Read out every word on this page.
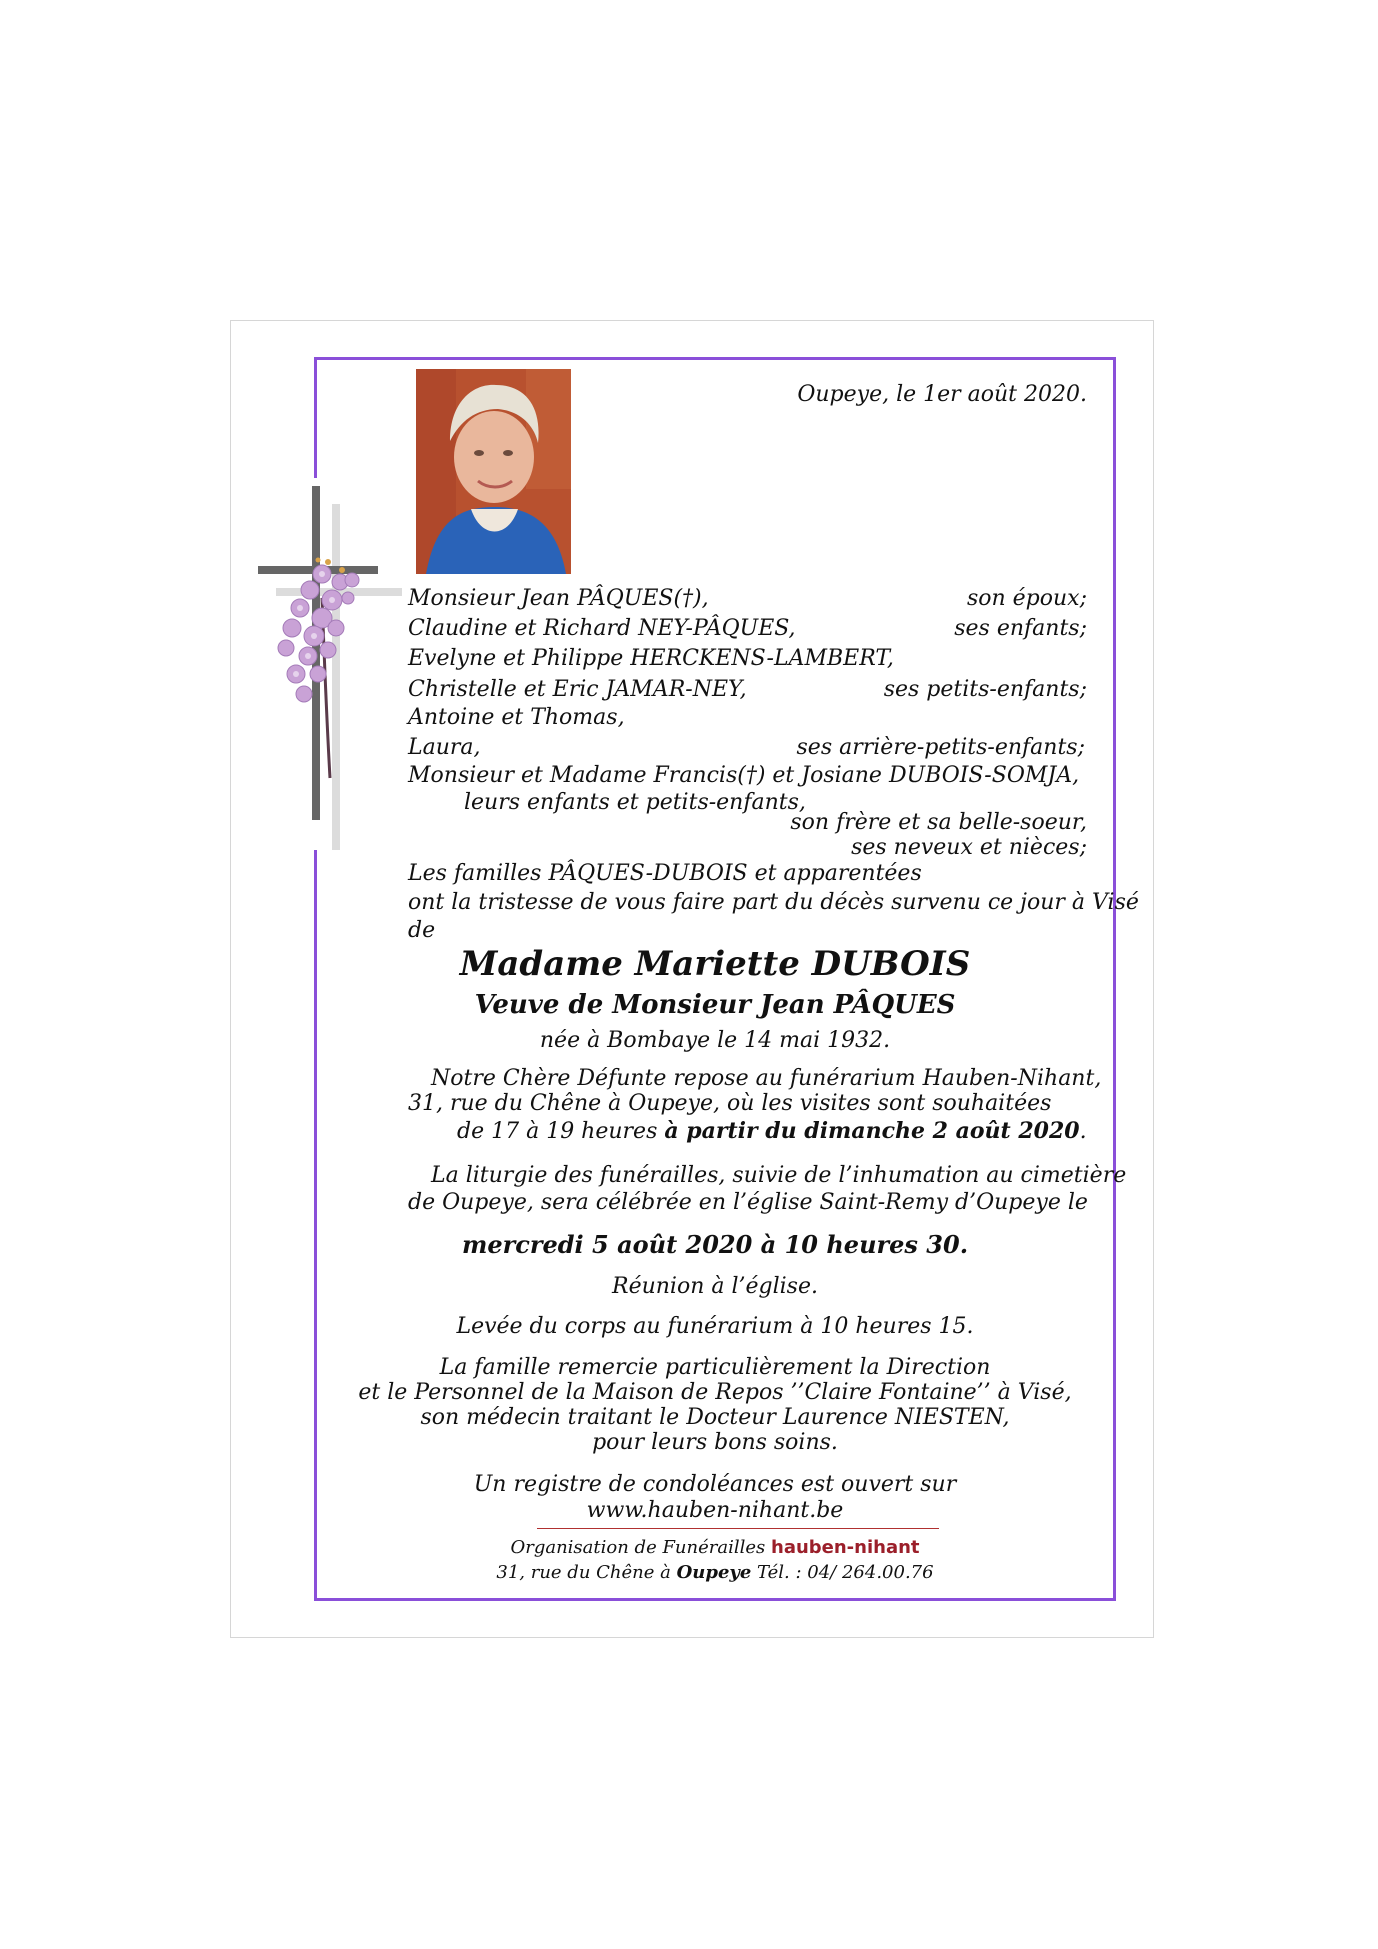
Oupeye, le 1er août 2020.
Monsieur Jean PÂQUES(†),	son époux;
Claudine et Richard NEY-PÂQUES,	ses enfants;
Evelyne et Philippe HERCKENS-LAMBERT,
Christelle et Eric JAMAR-NEY,	ses petits-enfants;
Antoine et Thomas,
Laura,	ses arrière-petits-enfants;
Monsieur et Madame Francis(†) et Josiane DUBOIS-SOMJA,
leurs enfants et petits-enfants,
son frère et sa belle-soeur,
ses neveux et nièces;
Les familles PÂQUES-DUBOIS et apparentées
ont la tristesse de vous faire part du décès survenu ce jour à Visé
de
Madame Mariette DUBOIS
Veuve de Monsieur Jean PÂQUES
née à Bombaye le 14 mai 1932.
Notre Chère Défunte repose au funérarium Hauben-Nihant,
31, rue du Chêne à Oupeye, où les visites sont souhaitées
de 17 à 19 heures à partir du dimanche 2 août 2020.
La liturgie des funérailles, suivie de l’inhumation au cimetière
de Oupeye, sera célébrée en l’église Saint-Remy d’Oupeye le
mercredi 5 août 2020 à 10 heures 30.
Réunion à l’église.
Levée du corps au funérarium à 10 heures 15.
La famille remercie particulièrement la Direction
et le Personnel de la Maison de Repos ’’Claire Fontaine’’ à Visé,
son médecin traitant le Docteur Laurence NIESTEN,
pour leurs bons soins.
Un registre de condoléances est ouvert sur
www.hauben-nihant.be
Organisation de Funérailles hauben-nihant
31, rue du Chêne à Oupeye Tél. : 04/ 264.00.76
